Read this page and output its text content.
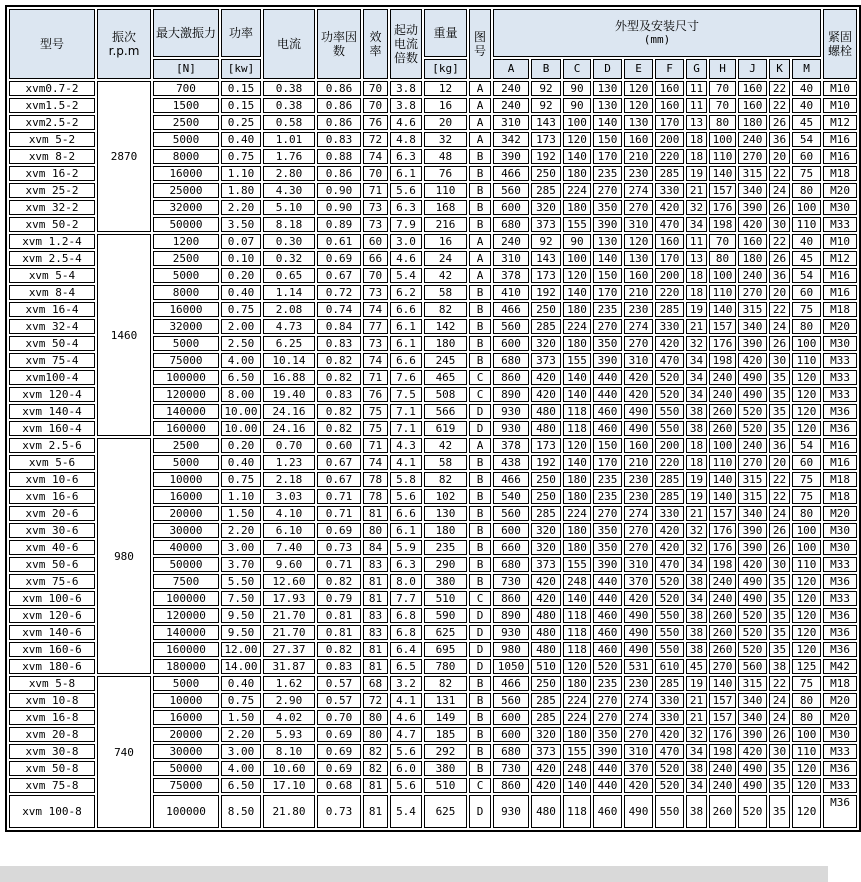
型号	振次r.p.m	最大激振力	功率	电流	功率因数	效率	起动电流倍数	重量	图号	外型及安装尺寸
(mm)											紧固螺栓
		[N]	[kw]					[kg]		A	B	C	D	E	F	G	H	J	K	M	
xvm0.7-2	2870	700	0.15	0.38	0.86	70	3.8	12	A	240	92	90	130	120	160	11	70	160	22	40	M10
xvm1.5-2		1500	0.15	0.38	0.86	70	3.8	16	A	240	92	90	130	120	160	11	70	160	22	40	M10
xvm2.5-2		2500	0.25	0.58	0.86	76	4.6	20	A	310	143	100	140	130	170	13	80	180	26	45	M12
xvm 5-2		5000	0.40	1.01	0.83	72	4.8	32	A	342	173	120	150	160	200	18	100	240	36	54	M16
xvm 8-2		8000	0.75	1.76	0.88	74	6.3	48	B	390	192	140	170	210	220	18	110	270	20	60	M16
xvm 16-2		16000	1.10	2.80	0.86	70	6.1	76	B	466	250	180	235	230	285	19	140	315	22	75	M18
xvm 25-2		25000	1.80	4.30	0.90	71	5.6	110	B	560	285	224	270	274	330	21	157	340	24	80	M20
xvm 32-2		32000	2.20	5.10	0.90	73	6.3	168	B	600	320	180	350	270	420	32	176	390	26	100	M30
xvm 50-2		50000	3.50	8.18	0.89	73	7.9	216	B	680	373	155	390	310	470	34	198	420	30	110	M33
xvm 1.2-4	1460	1200	0.07	0.30	0.61	60	3.0	16	A	240	92	90	130	120	160	11	70	160	22	40	M10
xvm 2.5-4		2500	0.10	0.32	0.69	66	4.6	24	A	310	143	100	140	130	170	13	80	180	26	45	M12
xvm 5-4		5000	0.20	0.65	0.67	70	5.4	42	A	378	173	120	150	160	200	18	100	240	36	54	M16
xvm 8-4		8000	0.40	1.14	0.72	73	6.2	58	B	410	192	140	170	210	220	18	110	270	20	60	M16
xvm 16-4		16000	0.75	2.08	0.74	74	6.6	82	B	466	250	180	235	230	285	19	140	315	22	75	M18
xvm 32-4		32000	2.00	4.73	0.84	77	6.1	142	B	560	285	224	270	274	330	21	157	340	24	80	M20
xvm 50-4		5000	2.50	6.25	0.83	73	6.1	180	B	600	320	180	350	270	420	32	176	390	26	100	M30
xvm 75-4		75000	4.00	10.14	0.82	74	6.6	245	B	680	373	155	390	310	470	34	198	420	30	110	M33
xvm100-4		100000	6.50	16.88	0.82	71	7.6	465	C	860	420	140	440	420	520	34	240	490	35	120	M33
xvm 120-4		120000	8.00	19.40	0.83	76	7.5	508	C	890	420	140	440	420	520	34	240	490	35	120	M33
xvm 140-4		140000	10.00	24.16	0.82	75	7.1	566	D	930	480	118	460	490	550	38	260	520	35	120	M36
xvm 160-4		160000	10.00	24.16	0.82	75	7.1	619	D	930	480	118	460	490	550	38	260	520	35	120	M36
xvm 2.5-6	980	2500	0.20	0.70	0.60	71	4.3	42	A	378	173	120	150	160	200	18	100	240	36	54	M16
xvm 5-6		5000	0.40	1.23	0.67	74	4.1	58	B	438	192	140	170	210	220	18	110	270	20	60	M16
xvm 10-6		10000	0.75	2.18	0.67	78	5.8	82	B	466	250	180	235	230	285	19	140	315	22	75	M18
xvm 16-6		16000	1.10	3.03	0.71	78	5.6	102	B	540	250	180	235	230	285	19	140	315	22	75	M18
xvm 20-6		20000	1.50	4.10	0.71	81	6.6	130	B	560	285	224	270	274	330	21	157	340	24	80	M20
xvm 30-6		30000	2.20	6.10	0.69	80	6.1	180	B	600	320	180	350	270	420	32	176	390	26	100	M30
xvm 40-6		40000	3.00	7.40	0.73	84	5.9	235	B	660	320	180	350	270	420	32	176	390	26	100	M30
xvm 50-6		50000	3.70	9.60	0.71	83	6.3	290	B	680	373	155	390	310	470	34	198	420	30	110	M33
xvm 75-6		7500	5.50	12.60	0.82	81	8.0	380	B	730	420	248	440	370	520	38	240	490	35	120	M36
xvm 100-6		100000	7.50	17.93	0.79	81	7.7	510	C	860	420	140	440	420	520	34	240	490	35	120	M33
xvm 120-6		120000	9.50	21.70	0.81	83	6.8	590	D	890	480	118	460	490	550	38	260	520	35	120	M36
xvm 140-6		140000	9.50	21.70	0.81	83	6.8	625	D	930	480	118	460	490	550	38	260	520	35	120	M36
xvm 160-6		160000	12.00	27.37	0.82	81	6.4	695	D	980	480	118	460	490	550	38	260	520	35	120	M36
xvm 180-6		180000	14.00	31.87	0.83	81	6.5	780	D	1050	510	120	520	531	610	45	270	560	38	125	M42
xvm 5-8	740	5000	0.40	1.62	0.57	68	3.2	82	B	466	250	180	235	230	285	19	140	315	22	75	M18
xvm 10-8		10000	0.75	2.90	0.57	72	4.1	131	B	560	285	224	270	274	330	21	157	340	24	80	M20
xvm 16-8		16000	1.50	4.02	0.70	80	4.6	149	B	600	285	224	270	274	330	21	157	340	24	80	M20
xvm 20-8		20000	2.20	5.93	0.69	80	4.7	185	B	600	320	180	350	270	420	32	176	390	26	100	M30
xvm 30-8		30000	3.00	8.10	0.69	82	5.6	292	B	680	373	155	390	310	470	34	198	420	30	110	M33
xvm 50-8		50000	4.00	10.60	0.69	82	6.0	380	B	730	420	248	440	370	520	38	240	490	35	120	M36
xvm 75-8		75000	6.50	17.10	0.68	81	5.6	510	C	860	420	140	440	420	520	34	240	490	35	120	M33
xvm 100-8		100000	8.50	21.80	0.73	81	5.4	625	D	930	480	118	460	490	550	38	260	520	35	120	M36
